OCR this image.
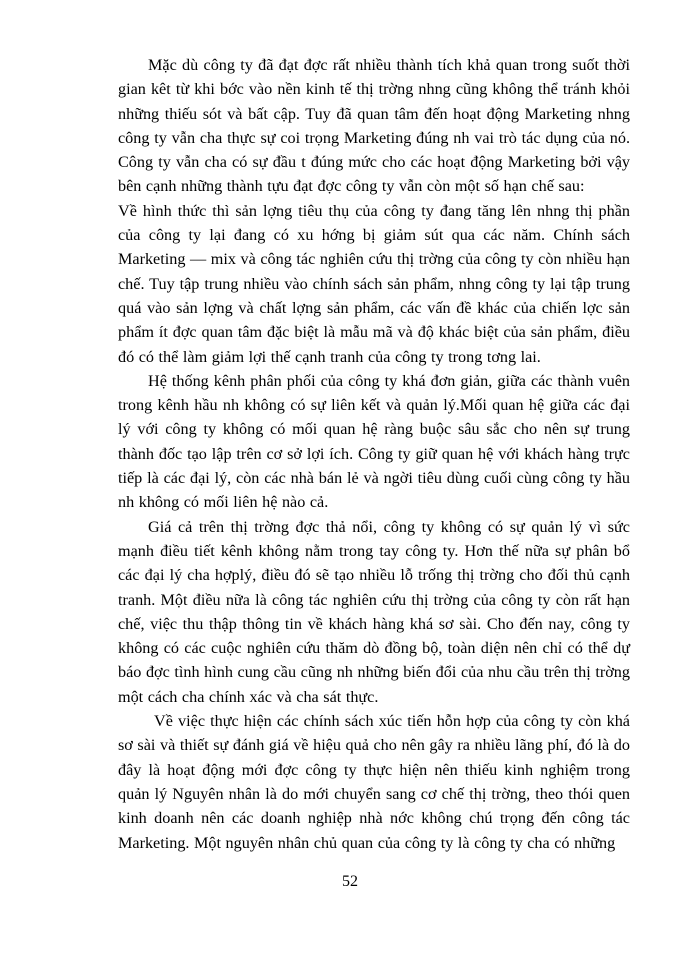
Mặc dù công ty đã đạt đợc rất nhiều thành tích khả quan trong suốt thời gian kêt từ khi bớc vào nền kinh tế thị trờng nhng cũng không thể tránh khỏi những thiếu sót và bất cập. Tuy đã quan tâm đến hoạt động Marketing nhng công ty vẫn cha thực sự coi trọng Marketing đúng nh vai trò tác dụng của nó. Công ty vẫn cha có sự đầu t đúng mức cho các hoạt động Marketing bởi vậy bên cạnh những thành tựu đạt đợc công ty vẫn còn một số hạn chế sau:

Về hình thức thì sản lợng tiêu thụ của công ty đang tăng lên nhng thị phần của công ty lại đang có xu hớng bị giảm sút qua các năm. Chính sách Marketing — mix và công tác nghiên cứu thị trờng của công ty còn nhiều hạn chế. Tuy tập trung nhiều vào chính sách sản phẩm, nhng công ty lại tập trung quá vào sản lợng và chất lợng sản phẩm, các vấn đề khác của chiến lợc sản phẩm ít đợc quan tâm đặc biệt là mẫu mã và độ khác biệt của sản phẩm, điều đó có thể làm giảm lợi thế cạnh tranh của công ty trong tơng lai.

Hệ thống kênh phân phối của công ty khá đơn giản, giữa các thành vuên trong kênh hầu nh không có sự liên kết và quản lý.Mối quan hệ giữa các đại lý với công ty không có mối quan hệ ràng buộc sâu sắc cho nên sự trung thành đốc tạo lập trên cơ sở lợi ích. Công ty giữ quan hệ với khách hàng trực tiếp là các đại lý, còn các nhà bán lẻ và ngời tiêu dùng cuối cùng công ty hầu nh không có mối liên hệ nào cả.

Giá cả trên thị trờng đợc thả nổi, công ty không có sự quản lý vì sức mạnh điều tiết kênh không nằm trong tay công ty. Hơn thế nữa sự phân bổ các đại lý cha hợplý, điều đó sẽ tạo nhiều lỗ trống thị trờng cho đối thủ cạnh tranh. Một điều nữa là công tác nghiên cứu thị trờng của công ty còn rất hạn chế, việc thu thập thông tin về khách hàng khá sơ sài. Cho đến nay, công ty không có các cuộc nghiên cứu thăm dò đồng bộ, toàn diện nên chỉ có thể dự báo đợc tình hình cung cầu cũng nh những biến đổi của nhu cầu trên thị trờng một cách cha chính xác và cha sát thực.

Về việc thực hiện các chính sách xúc tiến hỗn hợp của công ty còn khá sơ sài và thiết sự đánh giá về hiệu quả cho nên gây ra nhiều lãng phí, đó là do đây là hoạt động mới đợc công ty thực hiện nên thiếu kinh nghiệm trong quản lý Nguyên nhân là do mới chuyển sang cơ chế thị trờng, theo thói quen kinh doanh nên các doanh nghiệp nhà nớc không chú trọng đến công tác Marketing. Một nguyên nhân chủ quan của công ty là công ty cha có những

52
